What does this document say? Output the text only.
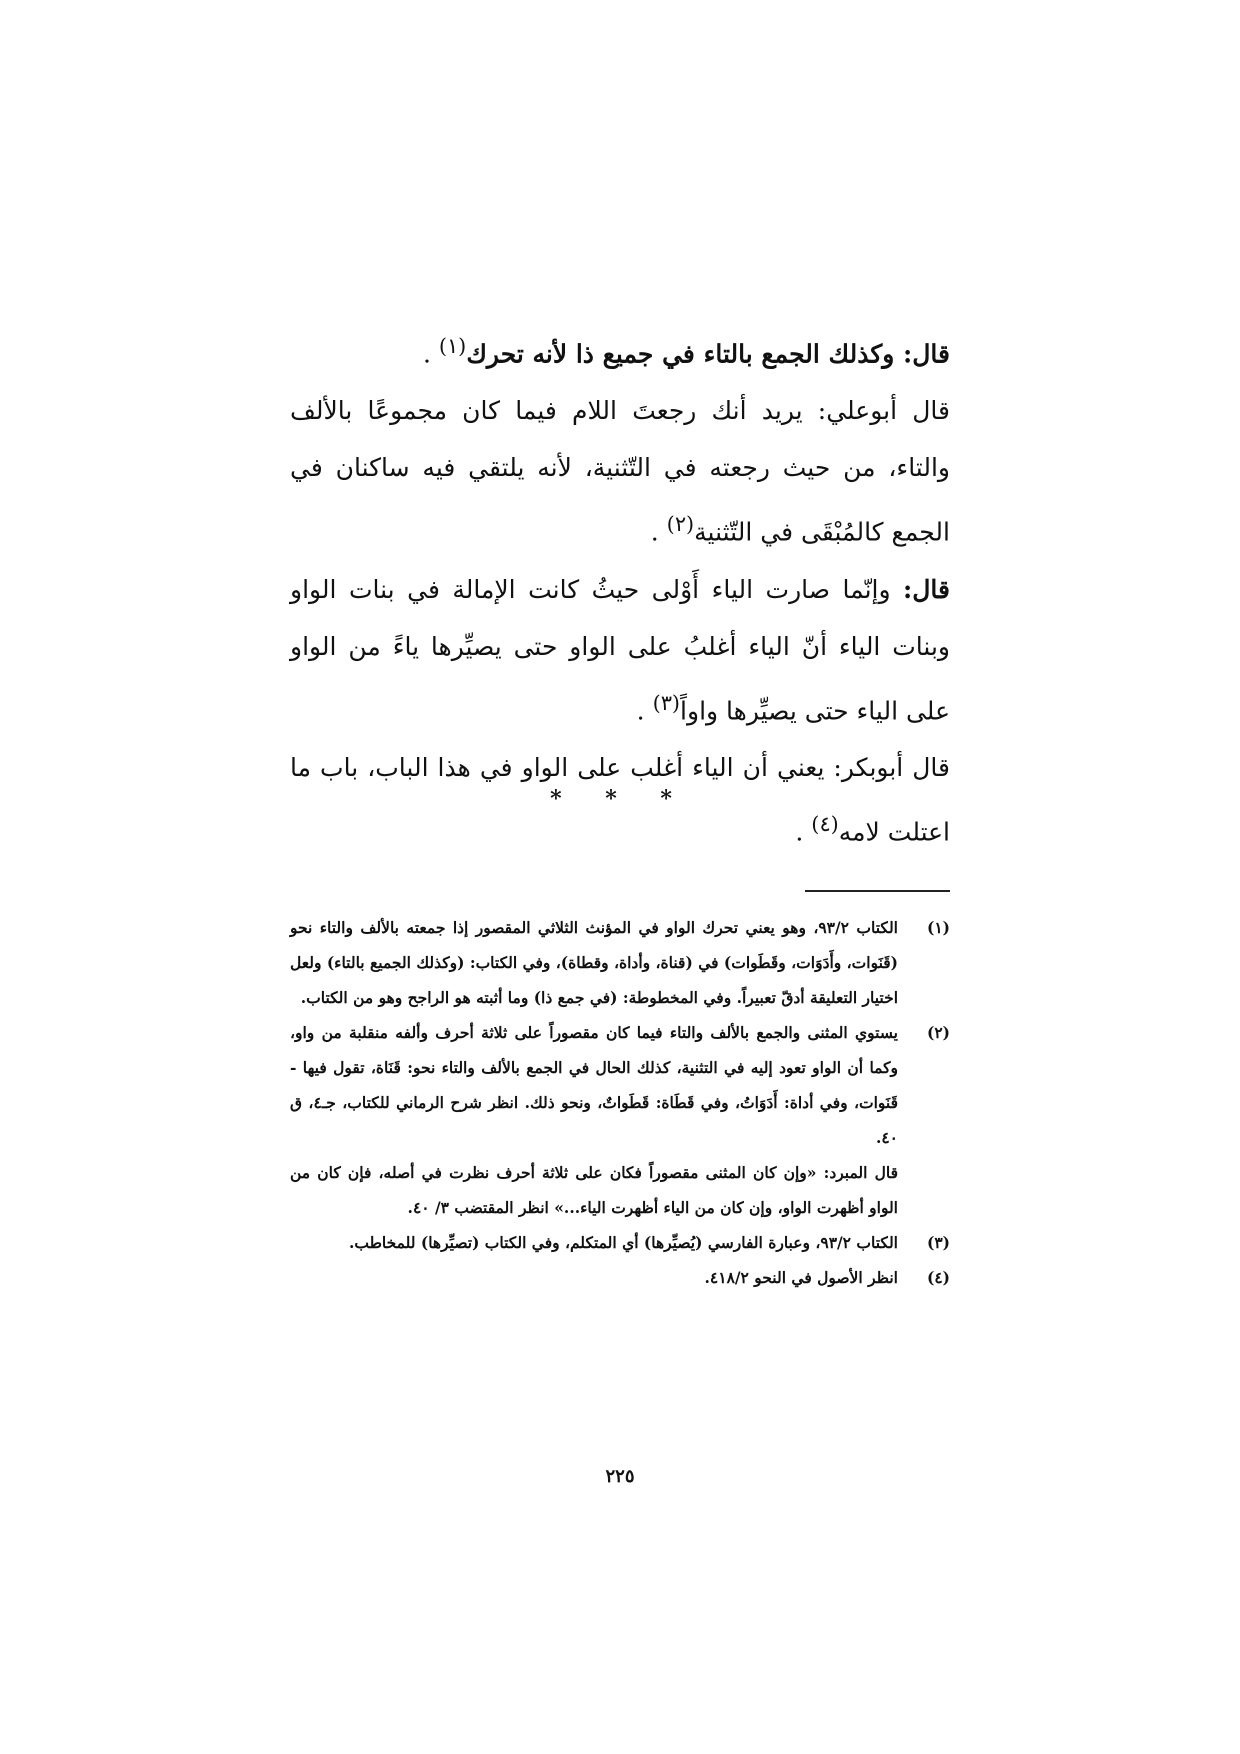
قال: وكذلك الجمع بالتاء في جميع ذا لأنه تحرك$^{(١)}$ .

قال أبوعلي: يريد أنك رجعتَ اللام فيما كان مجموعًا بالألف والتاء، من حيث رجعته في التّثنية، لأنه يلتقي فيه ساكنان في الجمع كالمُبْقَى في التّثنية$^{(٢)}$ .

قال: وإنّما صارت الياء أَوْلى حيثُ كانت الإمالة في بنات الواو وبنات الياء أنّ الياء أغلبُ على الواو حتى يصيِّرها ياءً من الواو على الياء حتى يصيِّرها واواً$^{(٣)}$ .

قال أبوبكر: يعني أن الياء أغلب على الواو في هذا الباب، باب ما اعتلت لامه$^{(٤)}$ .

* * *
(١)
الكتاب ٩٣/٢، وهو يعني تحرك الواو في المؤنث الثلاثي المقصور إذا جمعته بالألف والتاء نحو (قَنَوات، وأَدَوَات، وقَطَوات) في (قناة، وأداة، وقطاة)، وفي الكتاب: (وكذلك الجميع بالتاء) ولعل اختيار التعليقة أدقّ تعبيراً. وفي المخطوطة: (في جمع ذا) وما أثبته هو الراجح وهو من الكتاب.
(٢)
يستوي المثنى والجمع بالألف والتاء فيما كان مقصوراً على ثلاثة أحرف وألفه منقلبة من واو، وكما أن الواو تعود إليه في التثنية، كذلك الحال في الجمع بالألف والتاء نحو: قَنَاة، تقول فيها - قَنَوات، وفي أداة: أَدَوَاتُ، وفي قَطَاة: قَطَواتٌ، ونحو ذلك. انظر شرح الرماني للكتاب، جـ٤، ق ٤٠.
قال المبرد: «وإن كان المثنى مقصوراً فكان على ثلاثة أحرف نظرت في أصله، فإن كان من الواو أظهرت الواو، وإن كان من الياء أظهرت الياء...» انظر المقتضب ٣/ ٤٠.
(٣)
الكتاب ٩٣/٢، وعبارة الفارسي (يُصيِّرها) أي المتكلم، وفي الكتاب (تصيِّرها) للمخاطب.
(٤)
انظر الأصول في النحو ٤١٨/٢.
٢٢٥
